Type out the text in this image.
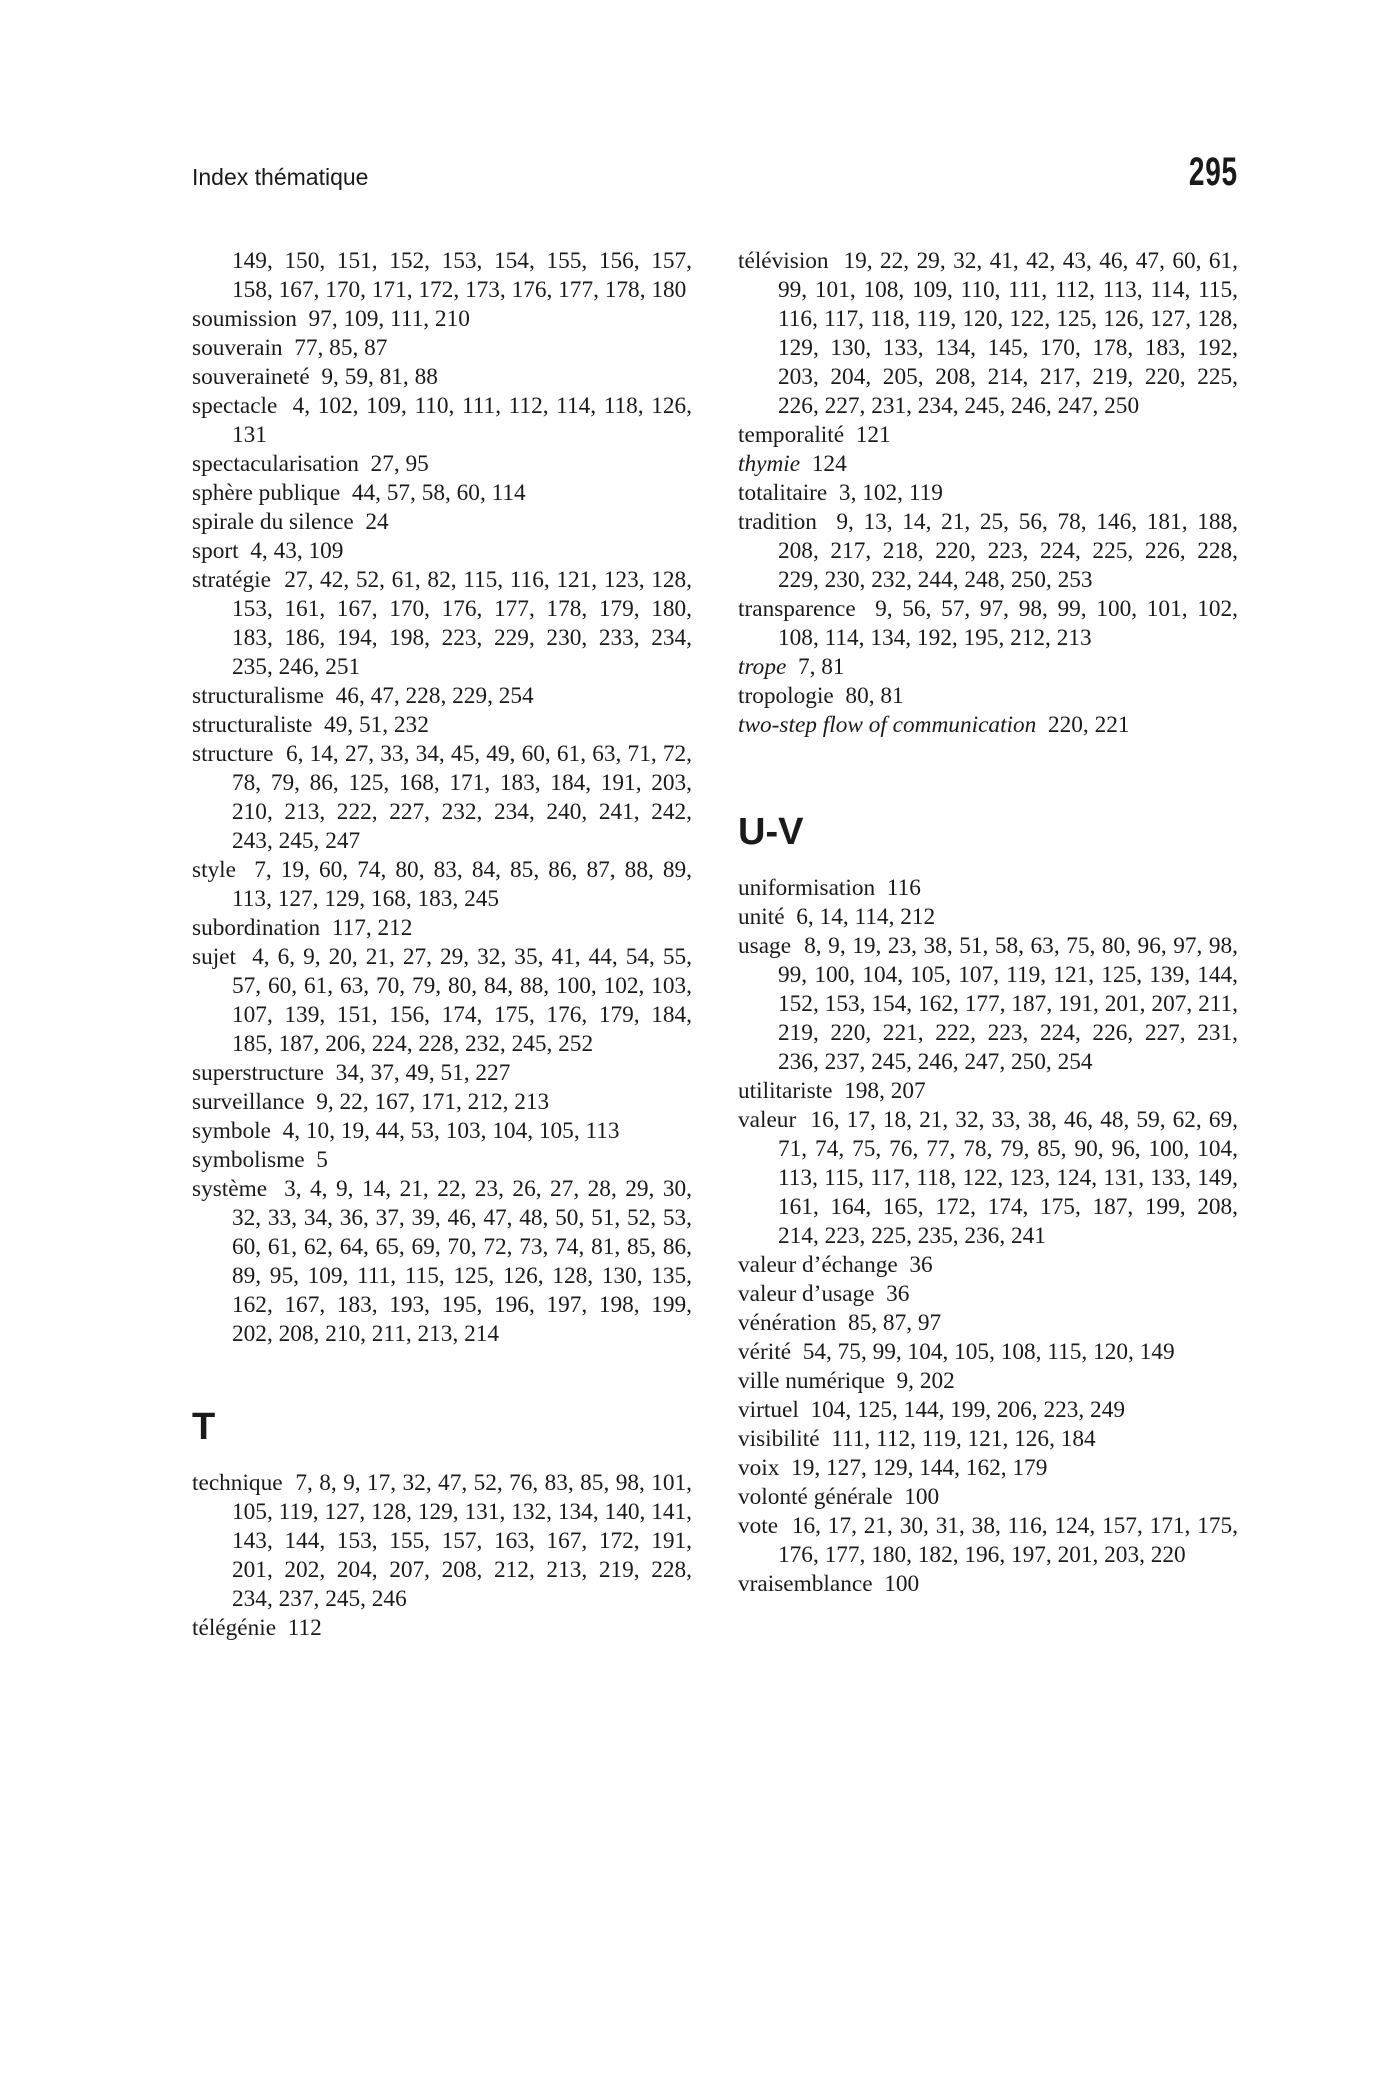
Index thématique	295

149, 150, 151, 152, 153, 154, 155, 156, 157, 158, 167, 170, 171, 172, 173, 176, 177, 178, 180

soumission 97, 109, 111, 210

souverain 77, 85, 87

souveraineté 9, 59, 81, 88

spectacle 4, 102, 109, 110, 111, 112, 114, 118, 126, 131

spectacularisation 27, 95

sphère publique 44, 57, 58, 60, 114

spirale du silence 24

sport 4, 43, 109

stratégie 27, 42, 52, 61, 82, 115, 116, 121, 123, 128, 153, 161, 167, 170, 176, 177, 178, 179, 180, 183, 186, 194, 198, 223, 229, 230, 233, 234, 235, 246, 251

structuralisme 46, 47, 228, 229, 254

structuraliste 49, 51, 232

structure 6, 14, 27, 33, 34, 45, 49, 60, 61, 63, 71, 72, 78, 79, 86, 125, 168, 171, 183, 184, 191, 203, 210, 213, 222, 227, 232, 234, 240, 241, 242, 243, 245, 247

style 7, 19, 60, 74, 80, 83, 84, 85, 86, 87, 88, 89, 113, 127, 129, 168, 183, 245

subordination 117, 212

sujet 4, 6, 9, 20, 21, 27, 29, 32, 35, 41, 44, 54, 55, 57, 60, 61, 63, 70, 79, 80, 84, 88, 100, 102, 103, 107, 139, 151, 156, 174, 175, 176, 179, 184, 185, 187, 206, 224, 228, 232, 245, 252

superstructure 34, 37, 49, 51, 227

surveillance 9, 22, 167, 171, 212, 213

symbole 4, 10, 19, 44, 53, 103, 104, 105, 113

symbolisme 5

système 3, 4, 9, 14, 21, 22, 23, 26, 27, 28, 29, 30, 32, 33, 34, 36, 37, 39, 46, 47, 48, 50, 51, 52, 53, 60, 61, 62, 64, 65, 69, 70, 72, 73, 74, 81, 85, 86, 89, 95, 109, 111, 115, 125, 126, 128, 130, 135, 162, 167, 183, 193, 195, 196, 197, 198, 199, 202, 208, 210, 211, 213, 214

T

technique 7, 8, 9, 17, 32, 47, 52, 76, 83, 85, 98, 101, 105, 119, 127, 128, 129, 131, 132, 134, 140, 141, 143, 144, 153, 155, 157, 163, 167, 172, 191, 201, 202, 204, 207, 208, 212, 213, 219, 228, 234, 237, 245, 246

télégénie 112

télévision 19, 22, 29, 32, 41, 42, 43, 46, 47, 60, 61, 99, 101, 108, 109, 110, 111, 112, 113, 114, 115, 116, 117, 118, 119, 120, 122, 125, 126, 127, 128, 129, 130, 133, 134, 145, 170, 178, 183, 192, 203, 204, 205, 208, 214, 217, 219, 220, 225, 226, 227, 231, 234, 245, 246, 247, 250

temporalité 121

thymie 124

totalitaire 3, 102, 119

tradition 9, 13, 14, 21, 25, 56, 78, 146, 181, 188, 208, 217, 218, 220, 223, 224, 225, 226, 228, 229, 230, 232, 244, 248, 250, 253

transparence 9, 56, 57, 97, 98, 99, 100, 101, 102, 108, 114, 134, 192, 195, 212, 213

trope 7, 81

tropologie 80, 81

two-step flow of communication 220, 221

U-V

uniformisation 116

unité 6, 14, 114, 212

usage 8, 9, 19, 23, 38, 51, 58, 63, 75, 80, 96, 97, 98, 99, 100, 104, 105, 107, 119, 121, 125, 139, 144, 152, 153, 154, 162, 177, 187, 191, 201, 207, 211, 219, 220, 221, 222, 223, 224, 226, 227, 231, 236, 237, 245, 246, 247, 250, 254

utilitariste 198, 207

valeur 16, 17, 18, 21, 32, 33, 38, 46, 48, 59, 62, 69, 71, 74, 75, 76, 77, 78, 79, 85, 90, 96, 100, 104, 113, 115, 117, 118, 122, 123, 124, 131, 133, 149, 161, 164, 165, 172, 174, 175, 187, 199, 208, 214, 223, 225, 235, 236, 241

valeur d’échange 36

valeur d’usage 36

vénération 85, 87, 97

vérité 54, 75, 99, 104, 105, 108, 115, 120, 149

ville numérique 9, 202

virtuel 104, 125, 144, 199, 206, 223, 249

visibilité 111, 112, 119, 121, 126, 184

voix 19, 127, 129, 144, 162, 179

volonté générale 100

vote 16, 17, 21, 30, 31, 38, 116, 124, 157, 171, 175, 176, 177, 180, 182, 196, 197, 201, 203, 220

vraisemblance 100
